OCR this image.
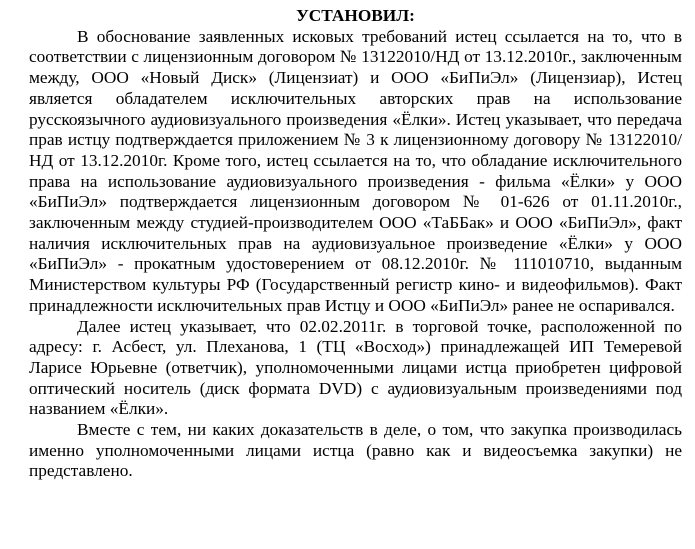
УСТАНОВИЛ:

В обоснование заявленных исковых требований истец ссылается на то, что в соответствии с лицензионным договором № 13122010/НД от 13.12.2010г., заключенным между, ООО «Новый Диск» (Лицензиат) и ООО «БиПиЭл» (Лицензиар), Истец является обладателем исключительных авторских прав на использование русскоязычного аудиовизуального произведения «Ёлки». Истец указывает, что передача прав истцу подтверждается приложением № 3 к лицензионному договору № 13122010/НД от 13.12.2010г. Кроме того, истец ссылается на то, что обладание исключительного права на использование аудиовизуального произведения - фильма «Ёлки» у ООО «БиПиЭл» подтверждается лицензионным договором № 01-626 от 01.11.2010г., заключенным между студией-производителем ООО «ТаББак» и ООО «БиПиЭл», факт наличия исключительных прав на аудиовизуальное произведение «Ёлки» у ООО «БиПиЭл» - прокатным удостоверением от 08.12.2010г. № 111010710, выданным Министерством культуры РФ (Государственный регистр кино- и видеофильмов). Факт принадлежности исключительных прав Истцу и ООО «БиПиЭл» ранее не оспаривался.

Далее истец указывает, что 02.02.2011г. в торговой точке, расположенной по адресу: г. Асбест, ул. Плеханова, 1 (ТЦ «Восход») принадлежащей ИП Темеревой Ларисе Юрьевне (ответчик), уполномоченными лицами истца приобретен цифровой оптический носитель (диск формата DVD) с аудиовизуальным произведениями под названием «Ёлки».

Вместе с тем, ни каких доказательств в деле, о том, что закупка производилась именно уполномоченными лицами истца (равно как и видеосъемка закупки) не представлено.
